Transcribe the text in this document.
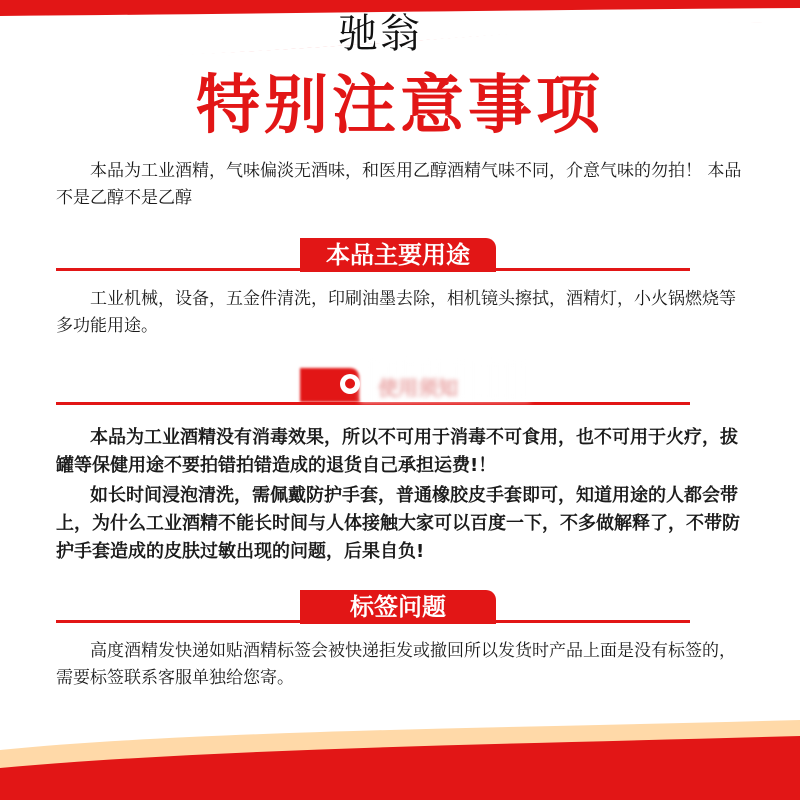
驰翁
特别注意事项

本品为工业酒精，气味偏淡无酒味，和医用乙醇酒精气味不同，介意气味的勿拍！ 本品不是乙醇不是乙醇

本品主要用途

工业机械，设备，五金件清洗，印刷油墨去除，相机镜头擦拭，酒精灯，小火锅燃烧等多功能用途。

● 使用须知

本品为工业酒精没有消毒效果，所以不可用于消毒不可食用，也不可用于火疗，拔罐等保健用途不要拍错拍错造成的退货自己承担运费!！

如长时间浸泡清洗，需佩戴防护手套，普通橡胶皮手套即可，知道用途的人都会带上，为什么工业酒精不能长时间与人体接触大家可以百度一下，不多做解释了，不带防护手套造成的皮肤过敏出现的问题，后果自负!

标签问题

高度酒精发快递如贴酒精标签会被快递拒发或撤回所以发货时产品上面是没有标签的，需要标签联系客服单独给您寄。
